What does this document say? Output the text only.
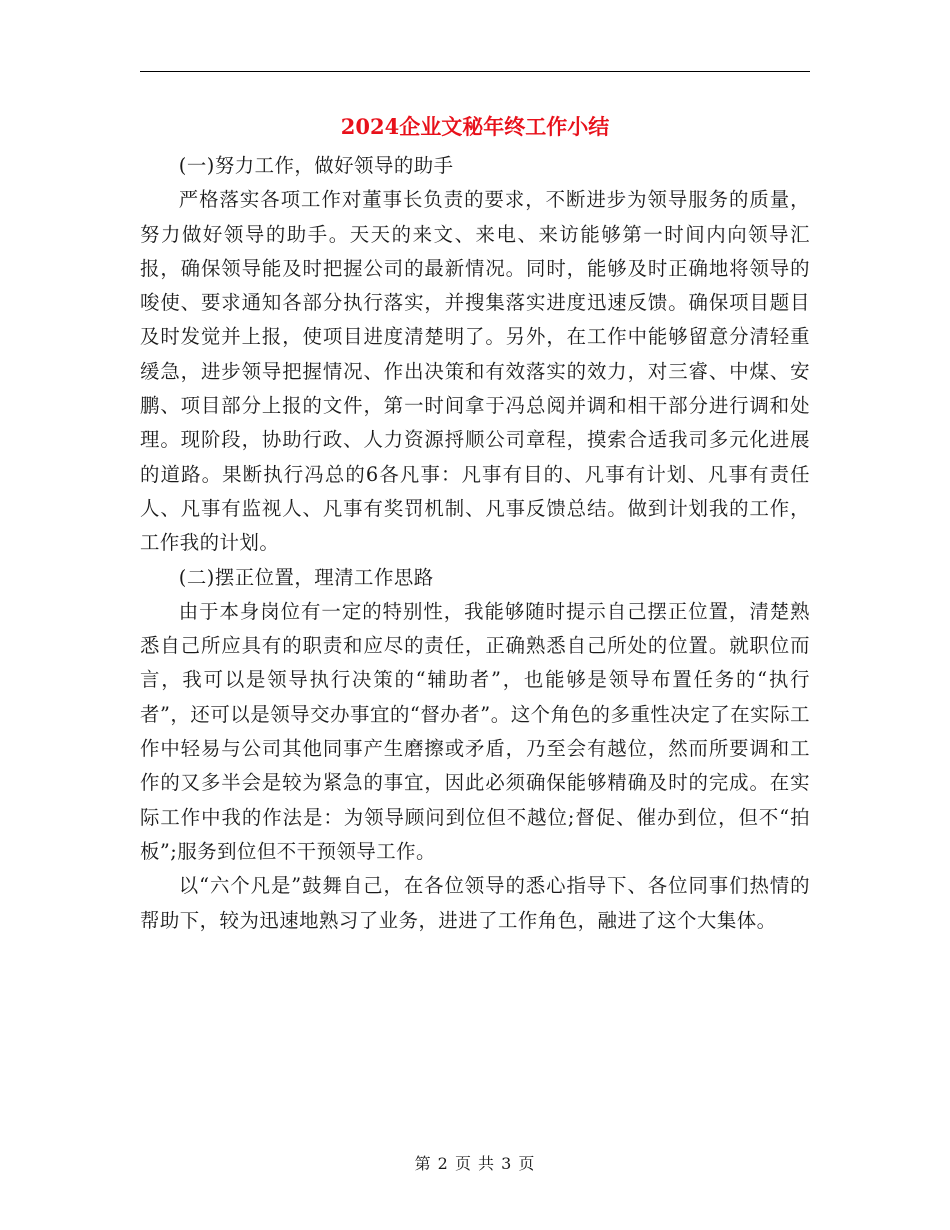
2024企业文秘年终工作小结

(一)努力工作，做好领导的助手

严格落实各项工作对董事长负责的要求，不断进步为领导服务的质量，努力做好领导的助手。天天的来文、来电、来访能够第一时间内向领导汇报，确保领导能及时把握公司的最新情况。同时，能够及时正确地将领导的唆使、要求通知各部分执行落实，并搜集落实进度迅速反馈。确保项目题目及时发觉并上报，使项目进度清楚明了。另外，在工作中能够留意分清轻重缓急，进步领导把握情况、作出决策和有效落实的效力，对三睿、中煤、安鹏、项目部分上报的文件，第一时间拿于冯总阅并调和相干部分进行调和处理。现阶段，协助行政、人力资源捋顺公司章程，摸索合适我司多元化进展的道路。果断执行冯总的6各凡事：凡事有目的、凡事有计划、凡事有责任人、凡事有监视人、凡事有奖罚机制、凡事反馈总结。做到计划我的工作，工作我的计划。

(二)摆正位置，理清工作思路

由于本身岗位有一定的特别性，我能够随时提示自己摆正位置，清楚熟悉自己所应具有的职责和应尽的责任，正确熟悉自己所处的位置。就职位而言，我可以是领导执行决策的“辅助者”，也能够是领导布置任务的“执行者”，还可以是领导交办事宜的“督办者”。这个角色的多重性决定了在实际工作中轻易与公司其他同事产生磨擦或矛盾，乃至会有越位，然而所要调和工作的又多半会是较为紧急的事宜，因此必须确保能够精确及时的完成。在实际工作中我的作法是：为领导顾问到位但不越位;督促、催办到位，但不“拍板”;服务到位但不干预领导工作。

以“六个凡是”鼓舞自己，在各位领导的悉心指导下、各位同事们热情的帮助下，较为迅速地熟习了业务，进进了工作角色，融进了这个大集体。

第 2 页 共 3 页
